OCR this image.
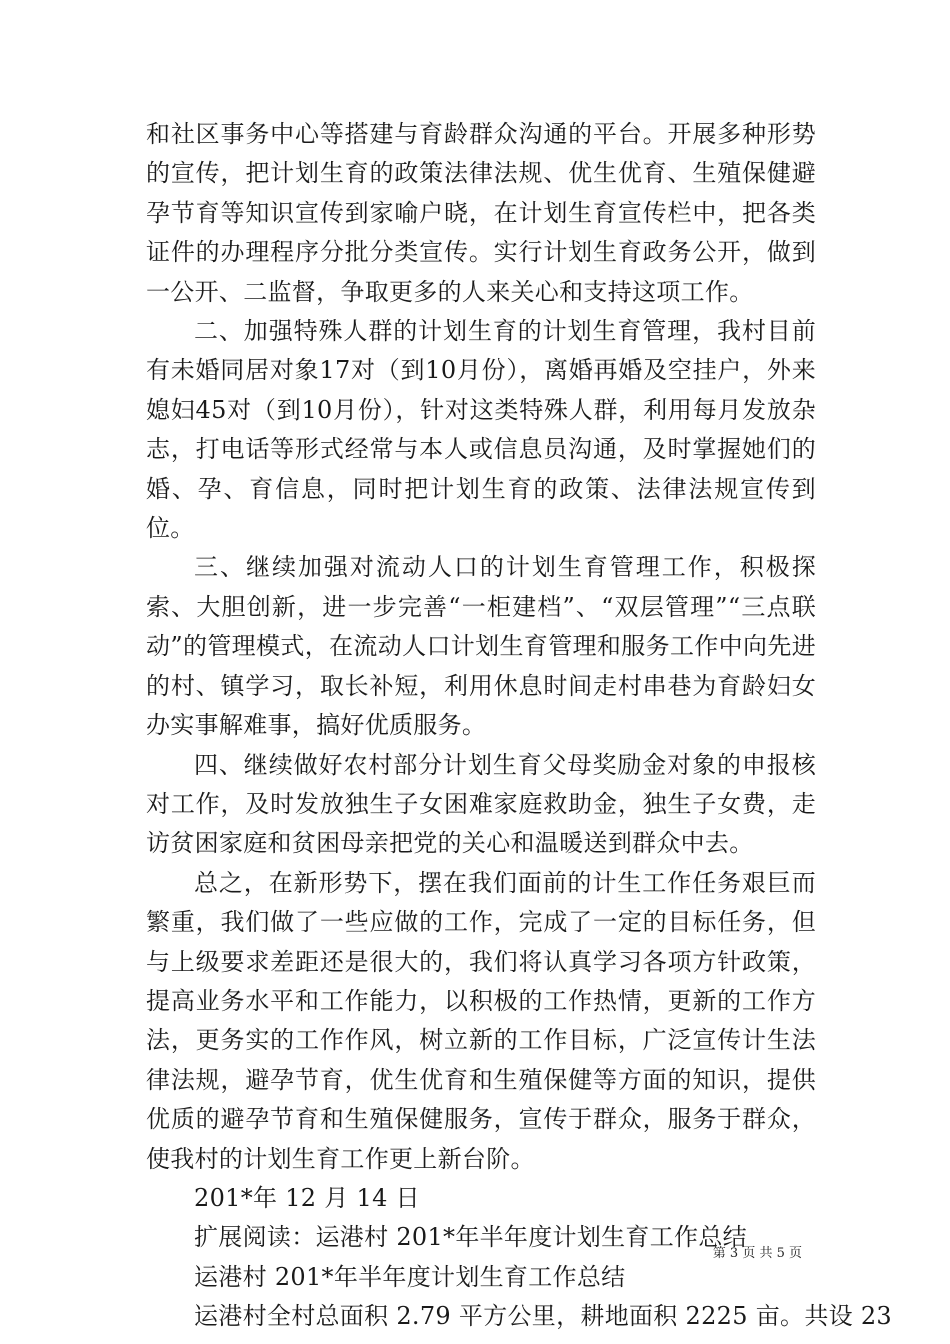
和社区事务中心等搭建与育龄群众沟通的平台。开展多种形势的宣传，把计划生育的政策法律法规、优生优育、生殖保健避孕节育等知识宣传到家喻户晓，在计划生育宣传栏中，把各类证件的办理程序分批分类宣传。实行计划生育政务公开，做到一公开、二监督，争取更多的人来关心和支持这项工作。

二、加强特殊人群的计划生育的计划生育管理，我村目前有未婚同居对象17对（到10月份），离婚再婚及空挂户，外来媳妇45对（到10月份），针对这类特殊人群，利用每月发放杂志，打电话等形式经常与本人或信息员沟通，及时掌握她们的婚、孕、育信息，同时把计划生育的政策、法律法规宣传到位。

三、继续加强对流动人口的计划生育管理工作，积极探索、大胆创新，进一步完善“一柜建档”、“双层管理”“三点联动”的管理模式，在流动人口计划生育管理和服务工作中向先进的村、镇学习，取长补短，利用休息时间走村串巷为育龄妇女办实事解难事，搞好优质服务。

四、继续做好农村部分计划生育父母奖励金对象的申报核对工作，及时发放独生子女困难家庭救助金，独生子女费，走访贫困家庭和贫困母亲把党的关心和温暖送到群众中去。

总之，在新形势下，摆在我们面前的计生工作任务艰巨而繁重，我们做了一些应做的工作，完成了一定的目标任务，但与上级要求差距还是很大的，我们将认真学习各项方针政策，提高业务水平和工作能力，以积极的工作热情，更新的工作方法，更务实的工作作风，树立新的工作目标，广泛宣传计生法律法规，避孕节育，优生优育和生殖保健等方面的知识，提供优质的避孕节育和生殖保健服务，宣传于群众，服务于群众，使我村的计划生育工作更上新台阶。

201*年 12 月 14 日

扩展阅读：运港村 201*年半年度计划生育工作总结

运港村 201*年半年度计划生育工作总结

运港村全村总面积 2.79 平方公里，耕地面积 2225 亩。共设 23

第 3 页 共 5 页
